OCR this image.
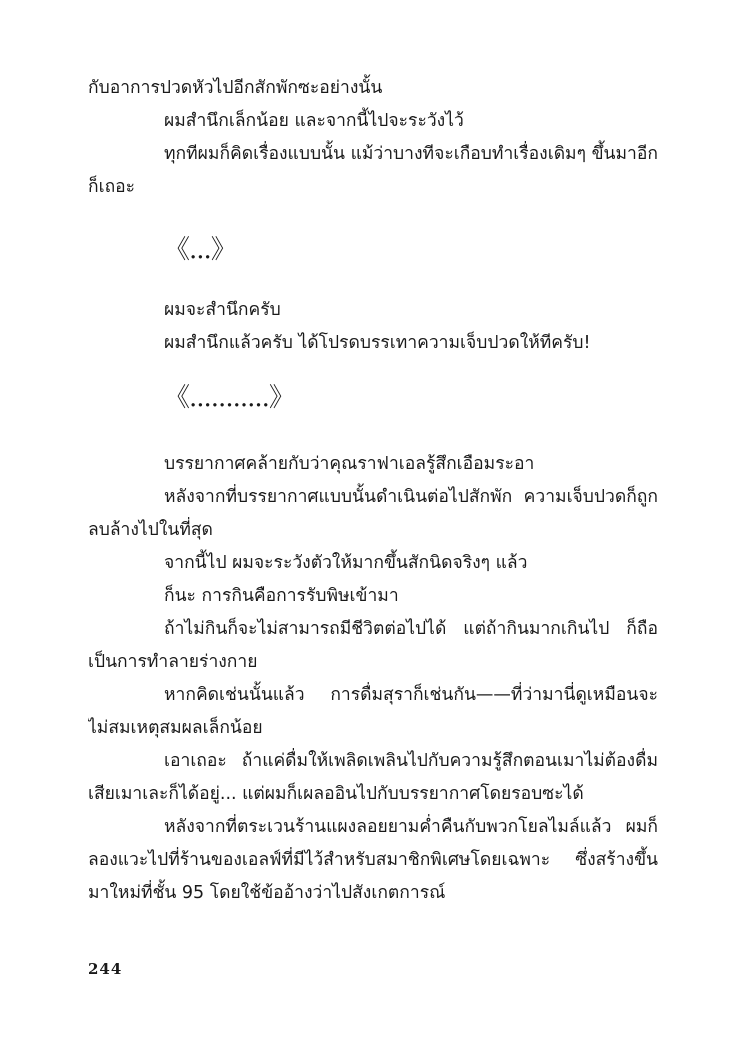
กับอาการปวดหัวไปอีกสักพักซะอย่างนั้น

ผมสำนึกเล็กน้อย และจากนี้ไปจะระวังไว้

ทุกทีผมก็คิดเรื่องแบบนั้น แม้ว่าบางทีจะเกือบทำเรื่องเดิมๆ ขึ้นมาอีกก็เถอะ

《...》

ผมจะสำนึกครับ

ผมสำนึกแล้วครับ ได้โปรดบรรเทาความเจ็บปวดให้ทีครับ!

《...........》

บรรยากาศคล้ายกับว่าคุณราฟาเอลรู้สึกเอือมระอา

หลังจากที่บรรยากาศแบบนั้นดำเนินต่อไปสักพัก ความเจ็บปวดก็ถูกลบล้างไปในที่สุด

จากนี้ไป ผมจะระวังตัวให้มากขึ้นสักนิดจริงๆ แล้ว

ก็นะ การกินคือการรับพิษเข้ามา

ถ้าไม่กินก็จะไม่สามารถมีชีวิตต่อไปได้ แต่ถ้ากินมากเกินไป ก็ถือเป็นการทำลายร่างกาย

หากคิดเช่นนั้นแล้ว การดื่มสุราก็เช่นกัน——ที่ว่ามานี่ดูเหมือนจะไม่สมเหตุสมผลเล็กน้อย

เอาเถอะ ถ้าแค่ดื่มให้เพลิดเพลินไปกับความรู้สึกตอนเมาไม่ต้องดื่มเสียเมาเละก็ได้อยู่... แต่ผมก็เผลออินไปกับบรรยากาศโดยรอบซะได้

หลังจากที่ตระเวนร้านแผงลอยยามค่ำคืนกับพวกโยลไมล์แล้ว ผมก็ลองแวะไปที่ร้านของเอลฟ์ที่มีไว้สำหรับสมาชิกพิเศษโดยเฉพาะ ซึ่งสร้างขึ้นมาใหม่ที่ชั้น 95 โดยใช้ข้ออ้างว่าไปสังเกตการณ์

244
